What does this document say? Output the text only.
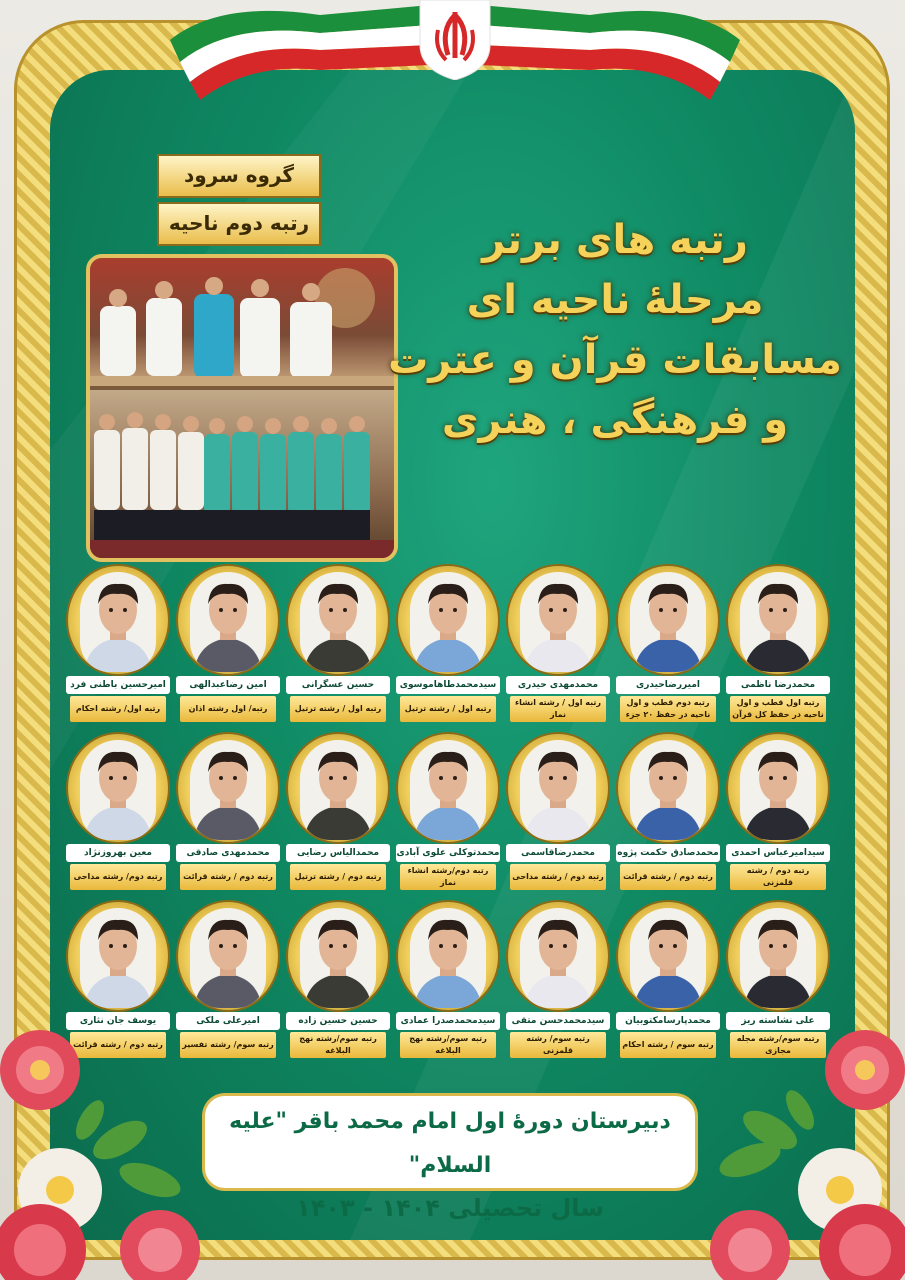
گروه سرود
رتبه دوم ناحیه	رتبه های برتر
مرحلهٔ ناحیه ای
مسابقات قرآن و عترت
و فرهنگی ، هنری
محمدرضا ناظمی
رتبه اول قطب و اول ناحیه در حفظ کل قرآن
امیررضاحیدری
رتبه دوم قطب و اول ناحیه در حفظ ۲۰ جزء
محمدمهدی حیدری
رتبه اول / رشته انشاء نماز
سیدمحمدطاهاموسوی
رتبه اول / رشته ترتیل
حسین عسگرانی
رتبه اول / رشته ترتیل
امین رضاعبدالهی
رتبه/ اول رشته اذان
امیرحسین باطنی فرد
رتبه اول/ رشته احکام
سیدامیرعباس احمدی
رتبه دوم / رشته قلمزنی
محمدصادق حکمت پژوه
رتبه دوم / رشته قرائت
محمدرضاقاسمی
رتبه دوم / رشته مداحی
محمدتوکلی علوی آبادی
رتبه دوم/رشته انشاء نماز
محمدالیاس رضایی
رتبه دوم / رشته ترتیل
محمدمهدی صادقی
رتبه دوم / رشته قرائت
معین بهروزنژاد
رتبه دوم/ رشته مداحی
علی نشاسته ریز
رتبه سوم/رشته مجله مجازی
محمدپارسامکتوبیان
رتبه سوم / رشته احکام
سیدمحمدحسن متقی
رتبه سوم/ رشته قلمزنی
سیدمحمدصدرا عمادی
رتبه سوم/رشته نهج البلاغه
حسین حسین زاده
رتبه سوم/رشته نهج البلاغه
امیرعلی ملکی
رتبه سوم/ رشته تفسیر
یوسف جان نثاری
رتبه دوم / رشته قرائت
دبیرستان دورهٔ اول امام محمد باقر "علیه السلام"
سال تحصیلی ۱۴۰۴ - ۱۴۰۳
